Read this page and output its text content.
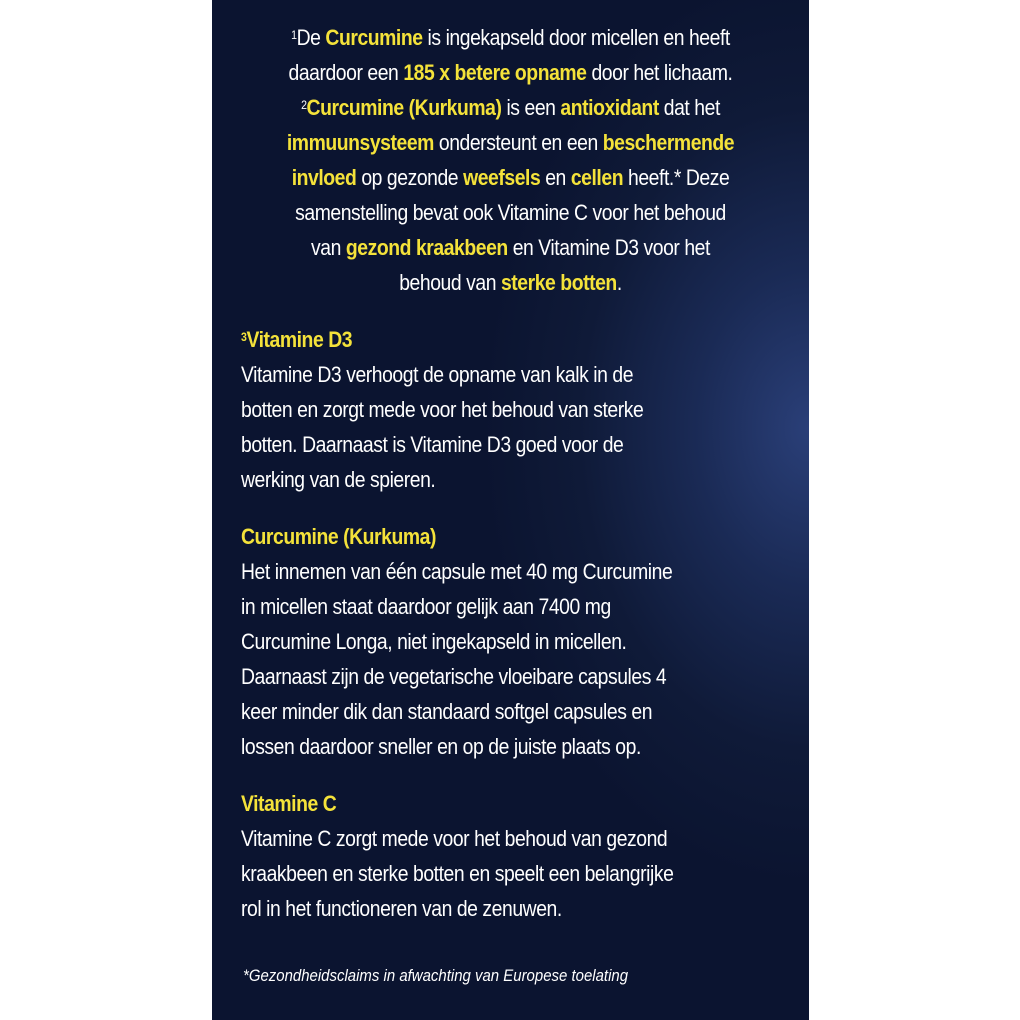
$^1$De Curcumine is ingekapseld door micellen en heeft
daardoor een 185 x betere opname door het lichaam.
$^2$Curcumine (Kurkuma) is een antioxidant dat het
immuunsysteem ondersteunt en een beschermende
invloed op gezonde weefsels en cellen heeft.* Deze
samenstelling bevat ook Vitamine C voor het behoud
van gezond kraakbeen en Vitamine D3 voor het
behoud van sterke botten.
$^3$Vitamine D3
Vitamine D3 verhoogt de opname van kalk in de
botten en zorgt mede voor het behoud van sterke
botten. Daarnaast is Vitamine D3 goed voor de
werking van de spieren.
Curcumine (Kurkuma)
Het innemen van één capsule met 40 mg Curcumine
in micellen staat daardoor gelijk aan 7400 mg
Curcumine Longa, niet ingekapseld in micellen.
Daarnaast zijn de vegetarische vloeibare capsules 4
keer minder dik dan standaard softgel capsules en
lossen daardoor sneller en op de juiste plaats op.
Vitamine C
Vitamine C zorgt mede voor het behoud van gezond
kraakbeen en sterke botten en speelt een belangrijke
rol in het functioneren van de zenuwen.
*Gezondheidsclaims in afwachting van Europese toelating
